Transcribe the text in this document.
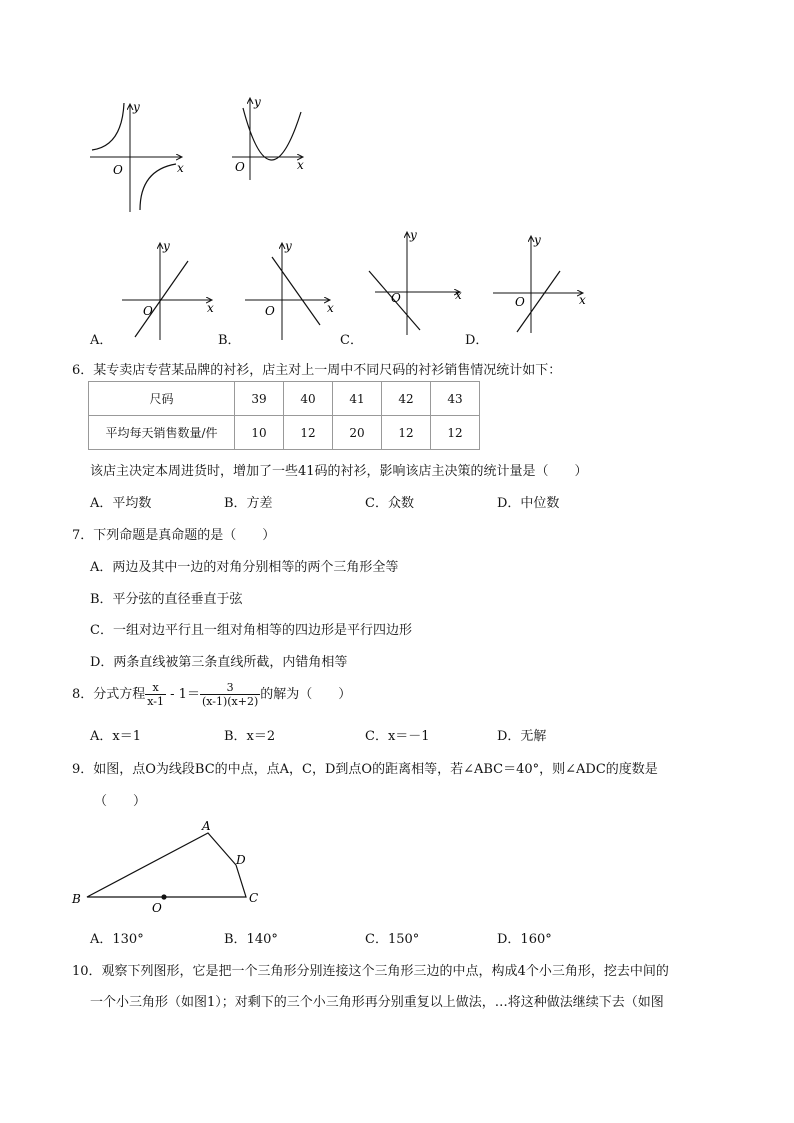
x
y
O	x
y
O
x
y
O	x
y
O
x
y
O	x
y
O
A．	B．	C．	D．
6．某专卖店专营某品牌的衬衫，店主对上一周中不同尺码的衬衫销售情况统计如下：
尺码	39	40	41	42	43
平均每天销售数量/件	10	12	20	12	12
该店主决定本周进货时，增加了一些41码的衬衫，影响该店主决策的统计量是（　　）
A．平均数	B．方差	C．众数	D．中位数
7．下列命题是真命题的是（　　）
A．两边及其中一边的对角分别相等的两个三角形全等
B．平分弦的直径垂直于弦
C．一组对边平行且一组对角相等的四边形是平行四边形
D．两条直线被第三条直线所截，内错角相等
8．分式方程 $\frac{x}{x-1} - 1= \frac{3}{(x-1)(x+2)}$ 的解为（　　）
A．x＝1	B．x＝2	C．x＝－1	D．无解
9．如图，点O为线段BC的中点，点A，C，D到点O的距离相等，若∠ABC＝40°，则∠ADC的度数是
（　　）
A
B	C
D
O
A．130°	B．140°	C．150°	D．160°
10．观察下列图形，它是把一个三角形分别连接这个三角形三边的中点，构成4个小三角形，挖去中间的
一个小三角形（如图1）；对剩下的三个小三角形再分别重复以上做法，…将这种做法继续下去（如图
